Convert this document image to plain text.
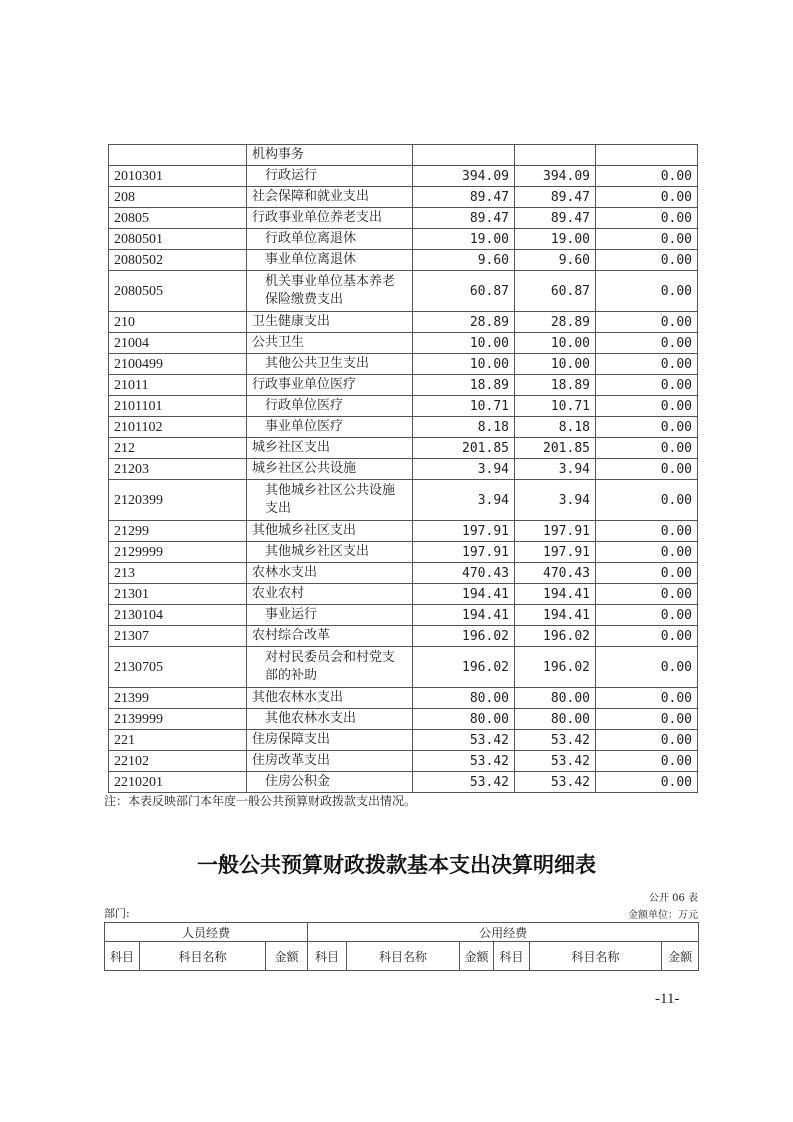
	机构事务			
2010301	行政运行	394.09	394.09	0.00
208	社会保障和就业支出	89.47	89.47	0.00
20805	行政事业单位养老支出	89.47	89.47	0.00
2080501	行政单位离退休	19.00	19.00	0.00
2080502	事业单位离退休	9.60	9.60	0.00
2080505	机关事业单位基本养老保险缴费支出	60.87	60.87	0.00
210	卫生健康支出	28.89	28.89	0.00
21004	公共卫生	10.00	10.00	0.00
2100499	其他公共卫生支出	10.00	10.00	0.00
21011	行政事业单位医疗	18.89	18.89	0.00
2101101	行政单位医疗	10.71	10.71	0.00
2101102	事业单位医疗	8.18	8.18	0.00
212	城乡社区支出	201.85	201.85	0.00
21203	城乡社区公共设施	3.94	3.94	0.00
2120399	其他城乡社区公共设施支出	3.94	3.94	0.00
21299	其他城乡社区支出	197.91	197.91	0.00
2129999	其他城乡社区支出	197.91	197.91	0.00
213	农林水支出	470.43	470.43	0.00
21301	农业农村	194.41	194.41	0.00
2130104	事业运行	194.41	194.41	0.00
21307	农村综合改革	196.02	196.02	0.00
2130705	对村民委员会和村党支部的补助	196.02	196.02	0.00
21399	其他农林水支出	80.00	80.00	0.00
2139999	其他农林水支出	80.00	80.00	0.00
221	住房保障支出	53.42	53.42	0.00
22102	住房改革支出	53.42	53.42	0.00
2210201	住房公积金	53.42	53.42	0.00
注：本表反映部门本年度一般公共预算财政拨款支出情况。
一般公共预算财政拨款基本支出决算明细表
公开 06 表
部门:	金额单位：万元
人员经费			公用经费					
科目	科目名称	金额	科目	科目名称	金额	科目	科目名称	金额
-11-
